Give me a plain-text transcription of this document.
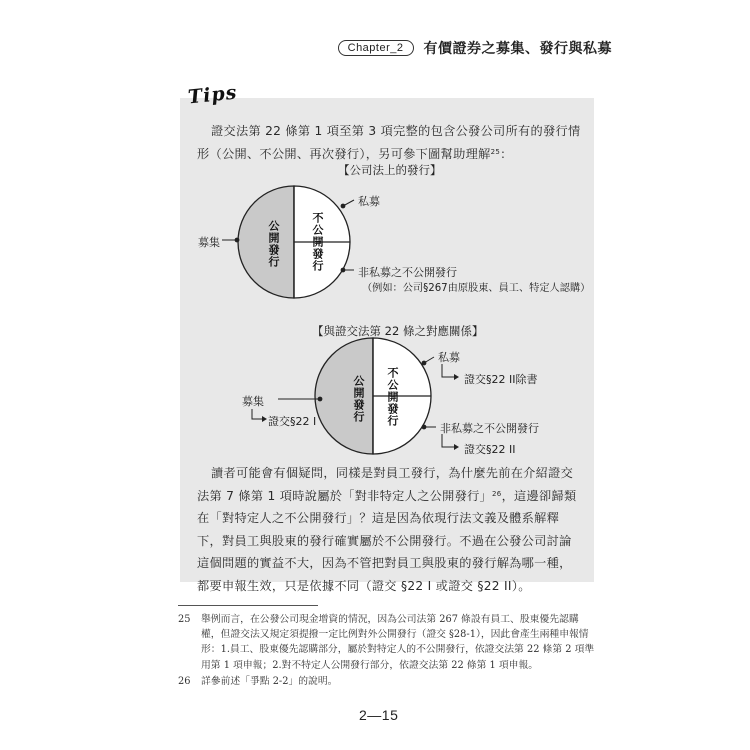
Chapter_2	有價證券之募集、發行與私募
Tips

證交法第 22 條第 1 項至第 3 項完整的包含公發公司所有的發行情形（公開、不公開、再次發行），另可參下圖幫助理解$^{25}$：

【公司法上的發行】
公開發行	不公開發行
募集
私募
非私募之不公開發行
（例如：公司§267由原股東、員工、特定人認購）
【與證交法第 22 條之對應關係】
公開發行 不公開發行
募集
證交§22 I
私募
證交§22 II除書
非私募之不公開發行
證交§22 II

讀者可能會有個疑問，同樣是對員工發行，為什麼先前在介紹證交法第 7 條第 1 項時說屬於「對非特定人之公開發行」$^{26}$，這邊卻歸類在「對特定人之不公開發行」？這是因為依現行法文義及體系解釋下，對員工與股東的發行確實屬於不公開發行。不過在公發公司討論這個問題的實益不大，因為不管把對員工與股東的發行解為哪一種，都要申報生效，只是依據不同（證交 §22 I 或證交 §22 II）。

25 舉例而言，在公發公司現金增資的情況，因為公司法第 267 條設有員工、股東優先認購權，但證交法又規定須提撥一定比例對外公開發行（證交 §28-1），因此會產生兩種申報情形：1.員工、股東優先認購部分，屬於對特定人的不公開發行，依證交法第 22 條第 2 項準用第 1 項申報；2.對不特定人公開發行部分，依證交法第 22 條第 1 項申報。

26 詳參前述「爭點 2-2」的說明。

2—15
